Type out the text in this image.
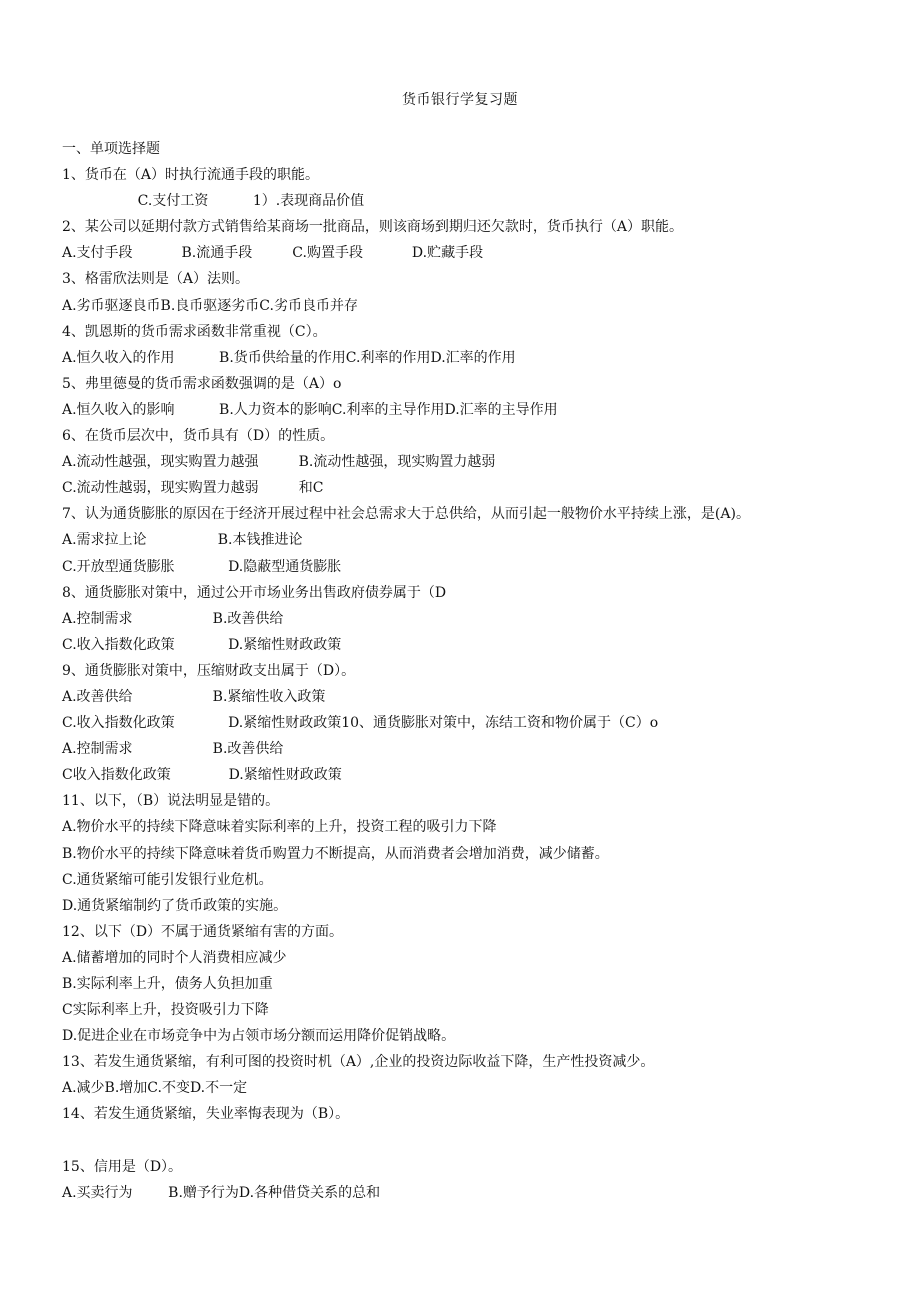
货币银行学复习题
一、单项选择题
1、货币在（A）时执行流通手段的职能。
C.支付工资          1）.表现商品价值
2、某公司以延期付款方式销售给某商场一批商品，则该商场到期归还欠款时，货币执行（A）职能。
A.支付手段           B.流通手段         C.购置手段           D.贮藏手段
3、格雷欣法则是（A）法则。
A.劣币驱逐良币B.良币驱逐劣币C.劣币良币并存
4、凯恩斯的货币需求函数非常重视（C）。
A.恒久收入的作用          B.货币供给量的作用C.利率的作用D.汇率的作用
5、弗里德曼的货币需求函数强调的是（A）o
A.恒久收入的影响          B.人力资本的影响C.利率的主导作用D.汇率的主导作用
6、在货币层次中，货币具有（D）的性质。
A.流动性越强，现实购置力越强         B.流动性越强，现实购置力越弱
C.流动性越弱，现实购置力越弱         和C
7、认为通货膨胀的原因在于经济开展过程中社会总需求大于总供给，从而引起一般物价水平持续上涨，是(A)。
A.需求拉上论                B.本钱推进论
C.开放型通货膨胀            D.隐蔽型通货膨胀
8、通货膨胀对策中，通过公开市场业务出售政府债券属于（D
A.控制需求                  B.改善供给
C.收入指数化政策            D.紧缩性财政政策
9、通货膨胀对策中，压缩财政支出属于（D）。
A.改善供给                  B.紧缩性收入政策
C.收入指数化政策            D.紧缩性财政政策10、通货膨胀对策中，冻结工资和物价属于（C）o
A.控制需求                  B.改善供给
C收入指数化政策             D.紧缩性财政政策
11、以下，（B）说法明显是错的。
A.物价水平的持续下降意味着实际利率的上升，投资工程的吸引力下降
B.物价水平的持续下降意味着货币购置力不断提高，从而消费者会增加消费，减少储蓄。
C.通货紧缩可能引发银行业危机。
D.通货紧缩制约了货币政策的实施。
12、以下（D）不属于通货紧缩有害的方面。
A.储蓄增加的同时个人消费相应减少
B.实际利率上升，债务人负担加重
C实际利率上升，投资吸引力下降
D.促进企业在市场竞争中为占领市场分额而运用降价促销战略。
13、若发生通货紧缩，有利可图的投资时机（A）,企业的投资边际收益下降，生产性投资减少。
A.减少B.增加C.不变D.不一定
14、若发生通货紧缩，失业率悔表现为（B）。
15、信用是（D）。
A.买卖行为        B.赠予行为D.各种借贷关系的总和
